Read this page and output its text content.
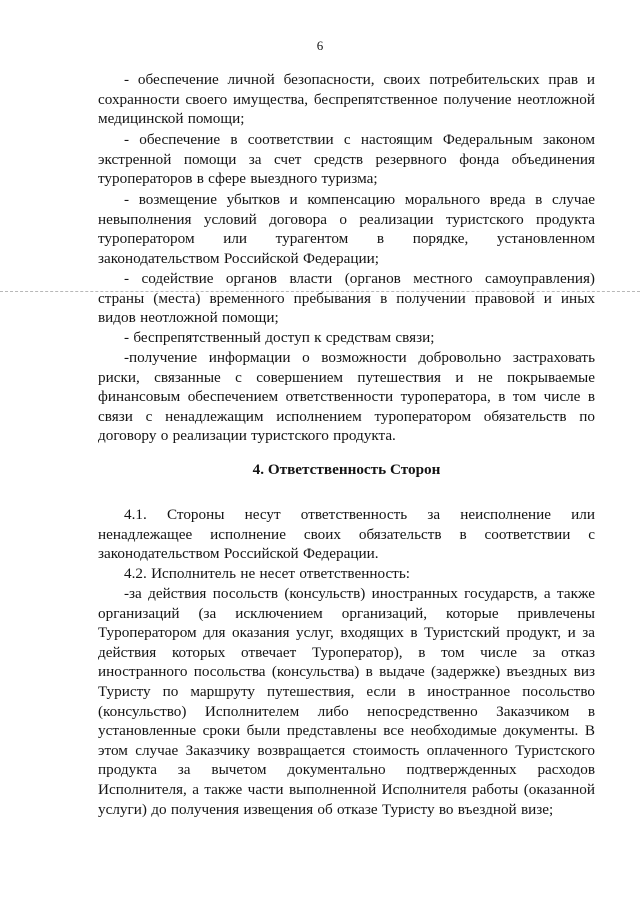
6

- обеспечение личной безопасности, своих потребительских прав и сохранности своего имущества, беспрепятственное получение неотложной медицинской помощи;

- обеспечение в соответствии с настоящим Федеральным законом экстренной помощи за счет средств резервного фонда объединения туроператоров в сфере выездного туризма;

- возмещение убытков и компенсацию морального вреда в случае невыполнения условий договора о реализации туристского продукта туроператором или турагентом в порядке, установленном законодательством Российской Федерации;

- содействие органов власти (органов местного самоуправления) страны (места) временного пребывания в получении правовой и иных видов неотложной помощи;

- беспрепятственный доступ к средствам связи;

-получение информации о возможности добровольно застраховать риски, связанные с совершением путешествия и не покрываемые финансовым обеспечением ответственности туроператора, в том числе в связи с ненадлежащим исполнением туроператором обязательств по договору о реализации туристского продукта.

4. Ответственность Сторон

4.1. Стороны несут ответственность за неисполнение или ненадлежащее исполнение своих обязательств в соответствии с законодательством Российской Федерации.

4.2. Исполнитель не несет ответственность:

-за действия посольств (консульств) иностранных государств, а также организаций (за исключением организаций, которые привлечены Туроператором для оказания услуг, входящих в Туристский продукт, и за действия которых отвечает Туроператор), в том числе за отказ иностранного посольства (консульства) в выдаче (задержке) въездных виз Туристу по маршруту путешествия, если в иностранное посольство (консульство) Исполнителем либо непосредственно Заказчиком в установленные сроки были представлены все необходимые документы. В этом случае Заказчику возвращается стоимость оплаченного Туристского продукта за вычетом документально подтвержденных расходов Исполнителя, а также части выполненной Исполнителя работы (оказанной услуги) до получения извещения об отказе Туристу во въездной визе;
